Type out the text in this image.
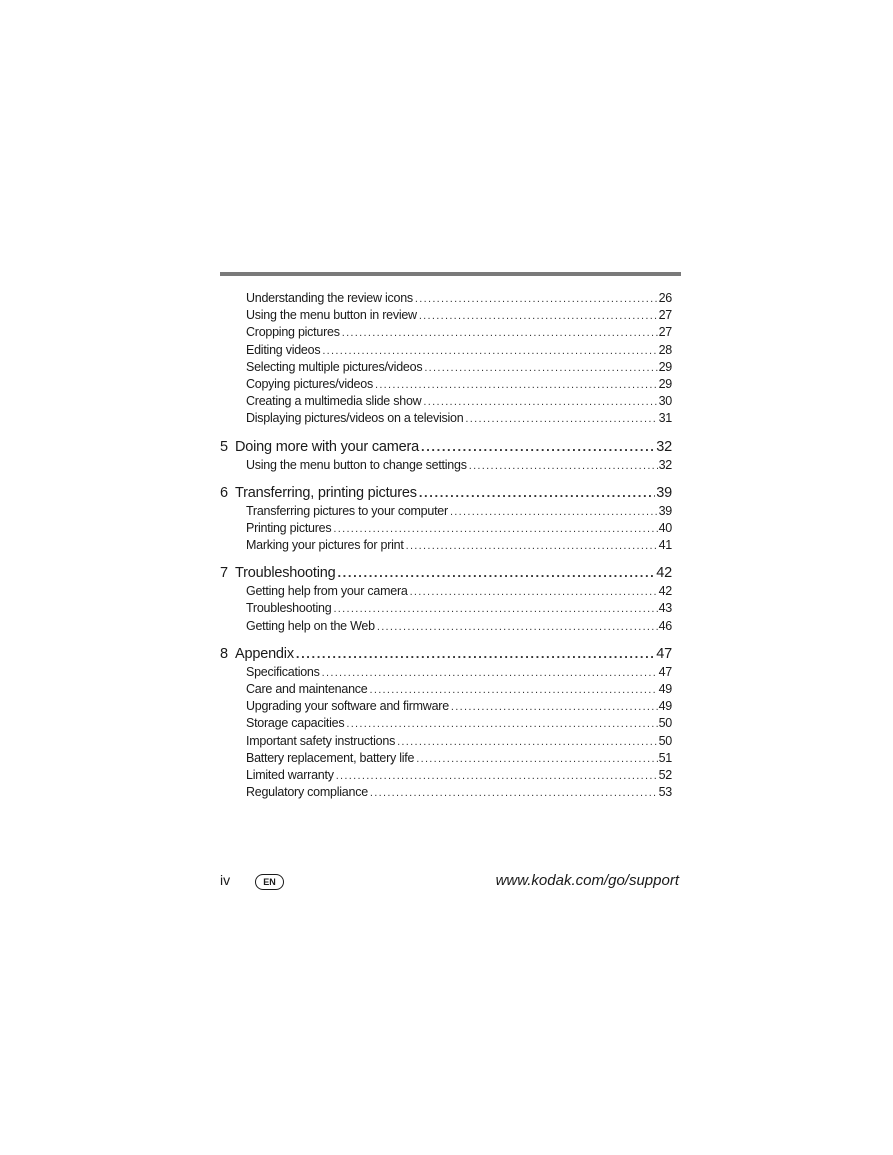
Understanding the review icons .....	26
Using the menu button in review .....	27
Cropping pictures .....	27
Editing videos .....	28
Selecting multiple pictures/videos .....	29
Copying pictures/videos .....	29
Creating a multimedia slide show .....	30
Displaying pictures/videos on a television .....	31
5 Doing more with your camera .....	32
Using the menu button to change settings .....	32
6 Transferring, printing pictures .....	39
Transferring pictures to your computer .....	39
Printing pictures .....	40
Marking your pictures for print .....	41
7 Troubleshooting .....	42
Getting help from your camera .....	42
Troubleshooting .....	43
Getting help on the Web .....	46
8 Appendix .....	47
Specifications .....	47
Care and maintenance .....	49
Upgrading your software and firmware .....	49
Storage capacities .....	50
Important safety instructions .....	50
Battery replacement, battery life .....	51
Limited warranty .....	52
Regulatory compliance .....	53
iv	EN	www.kodak.com/go/support
